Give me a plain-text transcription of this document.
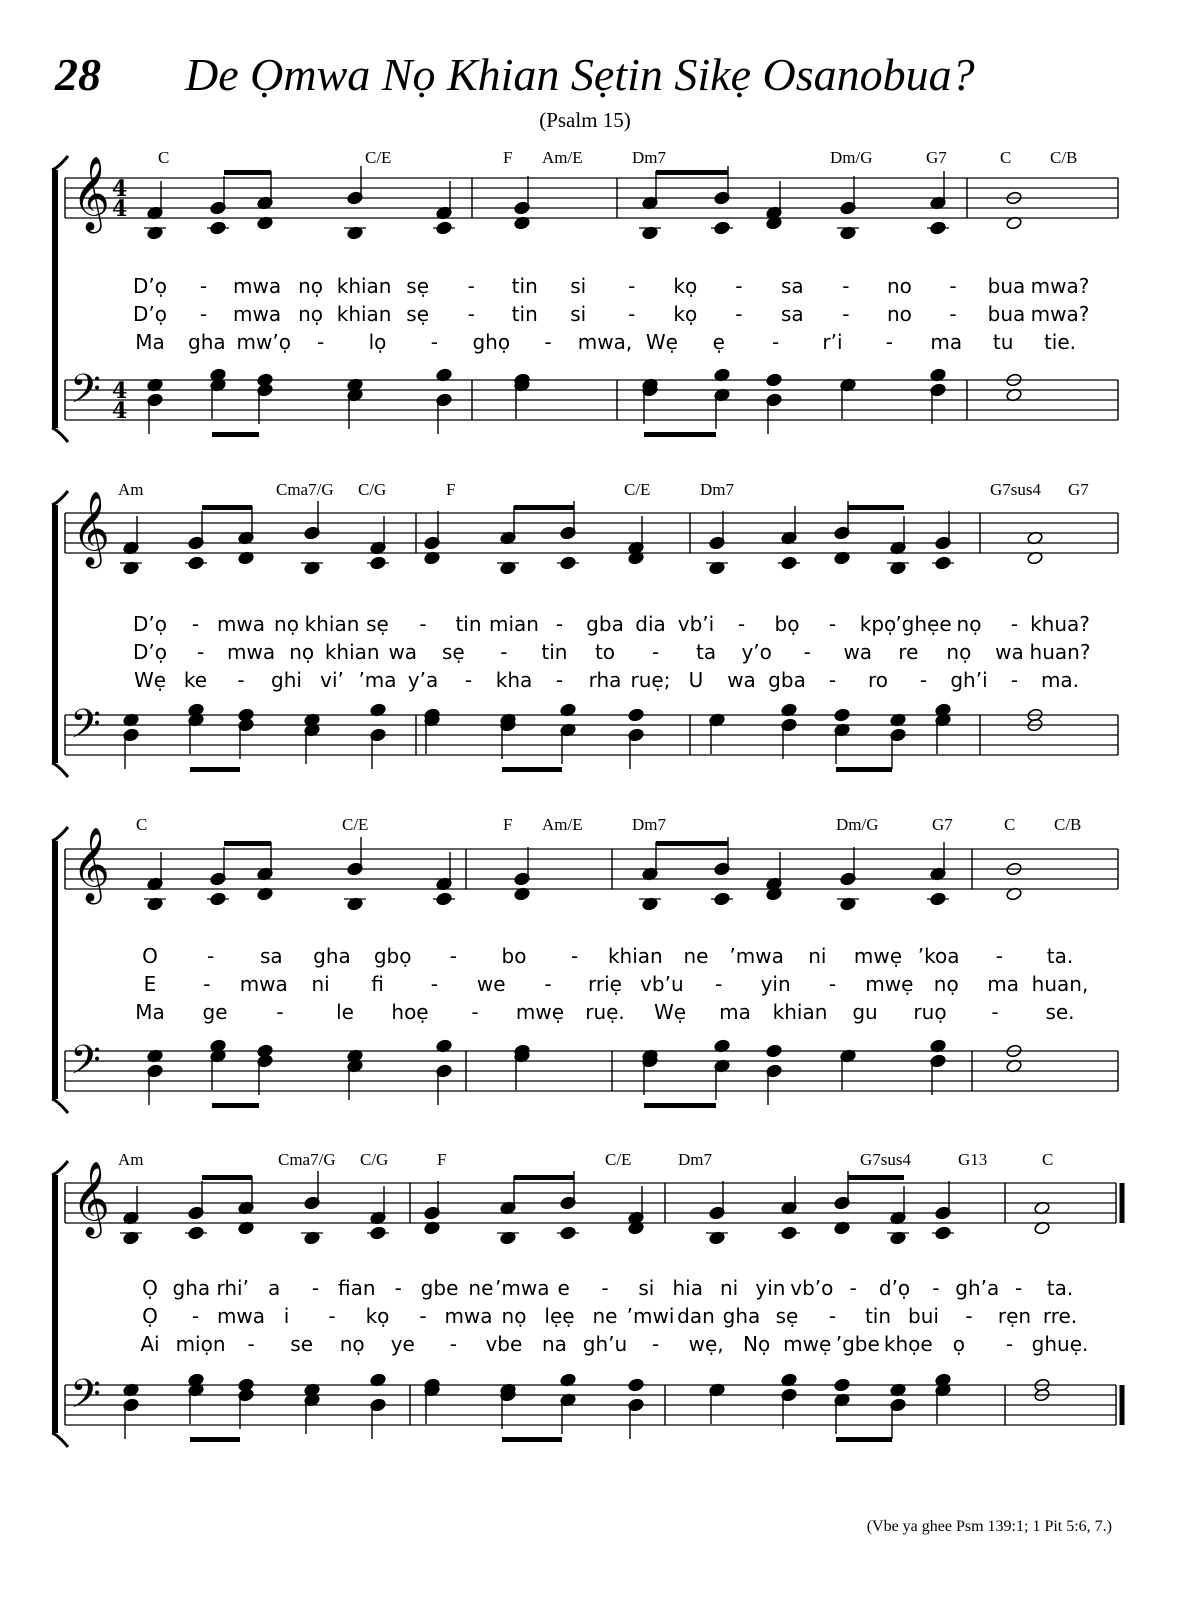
𝄞
𝄢
4
4
4
4
𝄞
𝄢
𝄞
𝄢
𝄞
𝄢
28 De Ọmwa Nọ Khian Sẹtin Sikẹ Osanobua?
(Psalm 15)
(Vbe ya ghee Psm 139:1; 1 Pit 5:6, 7.)
C	C/E	F Am/E	Dm7	Dm/G	G7	C C/B
D’ọ - mwa nọ khian sẹ - tin si - kọ - sa - no - bua mwa?
D’ọ - mwa nọ khian sẹ - tin si - kọ - sa - no - bua mwa?
Ma gha mw’ọ - lọ - ghọ - mwa, Wẹ ẹ - r’i - ma tu tie.
Am	Cma7/G C/G	F	C/E	Dm7	G7sus4 G7
D’ọ - mwa nọ khian sẹ - tin mian - gba dia vb’i - bọ - kpọ ’ghẹe nọ - khua?
D’ọ - mwa nọ khian wa sẹ - tin to - ta y’o - wa re nọ wa huan?
Wẹ ke - ghi vi’ ’ma y’a - kha - rha ruẹ; U wa gba - ro - gh’i - ma.
C	C/E	F Am/E	Dm7	Dm/G	G7	C C/B
O - sa gha gbọ - bo - khian ne ’mwa ni mwẹ ’koa - ta.
E - mwa ni fi - we - rriẹ vb’u - yin - mwẹ nọ ma huan,
Ma ge -	le hoẹ - mwẹ ruẹ. Wẹ ma khian gu ruọ - se.
Am	Cma7/G C/G	F	C/E	Dm7	G7sus4	G13	C
Ọ gha rhi’ a - fian - gbe ne ’mwa e - si hia ni yin vb’o - d’ọ - gh’a - ta.
Ọ - mwa i - kọ - mwa nọ lẹẹ ne ’mwi dan gha sẹ - tin bui - rẹn rre.
Ai miọn - se nọ ye - vbe na gh’u - wẹ, Nọ mwẹ ’gbe khọe ọ - ghuẹ.
